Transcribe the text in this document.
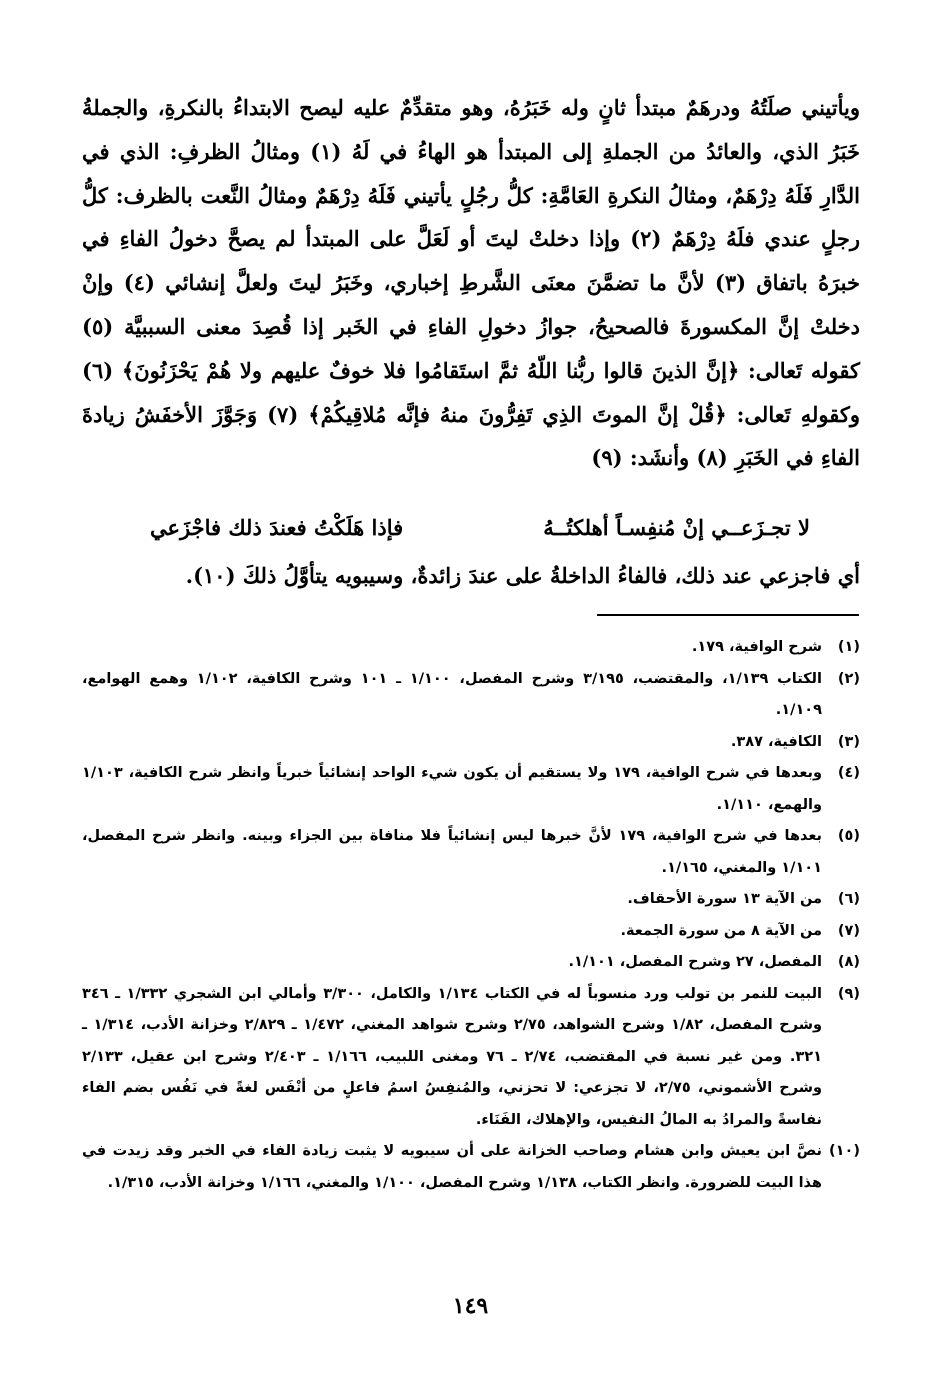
ويأتيني صلَتُهُ ودرهَمٌ مبتدأ ثانٍ وله خَبَرُهُ، وهو متقدِّمٌ عليه ليصح الابتداءُ بالنكرةِ، والجملةُ خَبَرُ الذي، والعائدُ من الجملةِ إلى المبتدأ هو الهاءُ في لَهُ (١) ومثالُ الظرفِ: الذي في الدَّارِ فَلَهُ دِرْهَمٌ، ومثالُ النكرةِ العَامَّةِ: كلُّ رجُلٍ يأتيني فَلَهُ دِرْهَمٌ ومثالُ النَّعت بالظرف: كلُّ رجلٍ عندي فلَهُ دِرْهَمٌ (٢) وإذا دخلتْ ليتَ أو لَعَلَّ على المبتدأ لم يصحَّ دخولُ الفاءِ في خبرَهُ باتفاق (٣) لأنَّ ما تضمَّنَ معنَى الشَّرطِ إخباري، وخَبَرُ ليتَ ولعلَّ إنشائي (٤) وإنْ دخلتْ إنَّ المكسورةَ فالصحيحُ، جوازُ دخولِ الفاءِ في الخَبر إذا قُصِدَ معنى السببيَّة (٥) كقوله تَعالى: ﴿إنَّ الذينَ قالوا ربُّنا اللّهُ ثمَّ استَقامُوا فلا خوفٌ عليهم ولا هُمْ يَحْزَنُونَ﴾ (٦) وكقولهِ تَعالى: ﴿قُلْ إنَّ الموتَ الذِي تَفِرُّونَ منهُ فإنَّه مُلاقِيكُمْ﴾ (٧) وَجَوَّزَ الأخفَشُ زيادةَ الفاءِ في الخَبَرِ (٨) وأنشَد: (٩)

لا تجـزَعــي إنْ مُنفِسـاً أهلكتُــهُ
فإذا هَلَكْتُ فعندَ ذلك فاجْزَعي
أي فاجزعي عند ذلك، فالفاءُ الداخلةُ على عندَ زائدةٌ، وسيبويه يتأوَّلُ ذلكَ (١٠).
(١)
شرح الوافية، ١٧٩.
(٢)
الكتاب ١/١٣٩، والمقتضب، ٣/١٩٥ وشرح المفصل، ١/١٠٠ ـ ١٠١ وشرح الكافية، ١/١٠٢ وهمع الهوامع، ١/١٠٩.
(٣)
الكافية، ٣٨٧.
(٤)
وبعدها في شرح الوافية، ١٧٩ ولا يستقيم أن يكون شيء الواحد إنشائياً خبرياً وانظر شرح الكافية، ١/١٠٣ والهمع، ١/١١٠.
(٥)
بعدها في شرح الوافية، ١٧٩ لأنَّ خبرها ليس إنشائياً فلا منافاة بين الجزاء وبينه. وانظر شرح المفصل، ١/١٠١ والمغني، ١/١٦٥.
(٦)
من الآية ١٣ سورة الأحقاف.
(٧)
من الآية ٨ من سورة الجمعة.
(٨)
المفصل، ٢٧ وشرح المفصل، ١/١٠١.
(٩)
البيت للنمر بن تولب ورد منسوباً له في الكتاب ١/١٣٤ والكامل، ٣/٣٠٠ وأمالي ابن الشجري ١/٣٣٢ ـ ٣٤٦ وشرح المفصل، ١/٨٢ وشرح الشواهد، ٢/٧٥ وشرح شواهد المغني، ١/٤٧٢ ـ ٢/٨٢٩ وخزانة الأدب، ١/٣١٤ ـ ٣٢١. ومن غير نسبة في المقتضب، ٢/٧٤ ـ ٧٦ ومغنى اللبيب، ١/١٦٦ ـ ٢/٤٠٣ وشرح ابن عقيل، ٢/١٣٣ وشرح الأشموني، ٢/٧٥، لا تجزعي: لا تحزني، والمُنفِسُ اسمُ فاعلٍ من أنْفَس لغةً في نَفُس بضم الفاء نفاسةً والمرادُ به المالُ النفيس، والإهلاك، الفَنَاء.
(١٠)
نصَّ ابن يعيش وابن هشام وصاحب الخزانة على أن سيبويه لا يثبت زيادة الفاء في الخبر وقد زيدت في هذا البيت للضرورة. وانظر الكتاب، ١/١٣٨ وشرح المفصل، ١/١٠٠ والمغني، ١/١٦٦ وخزانة الأدب، ١/٣١٥.
١٤٩
